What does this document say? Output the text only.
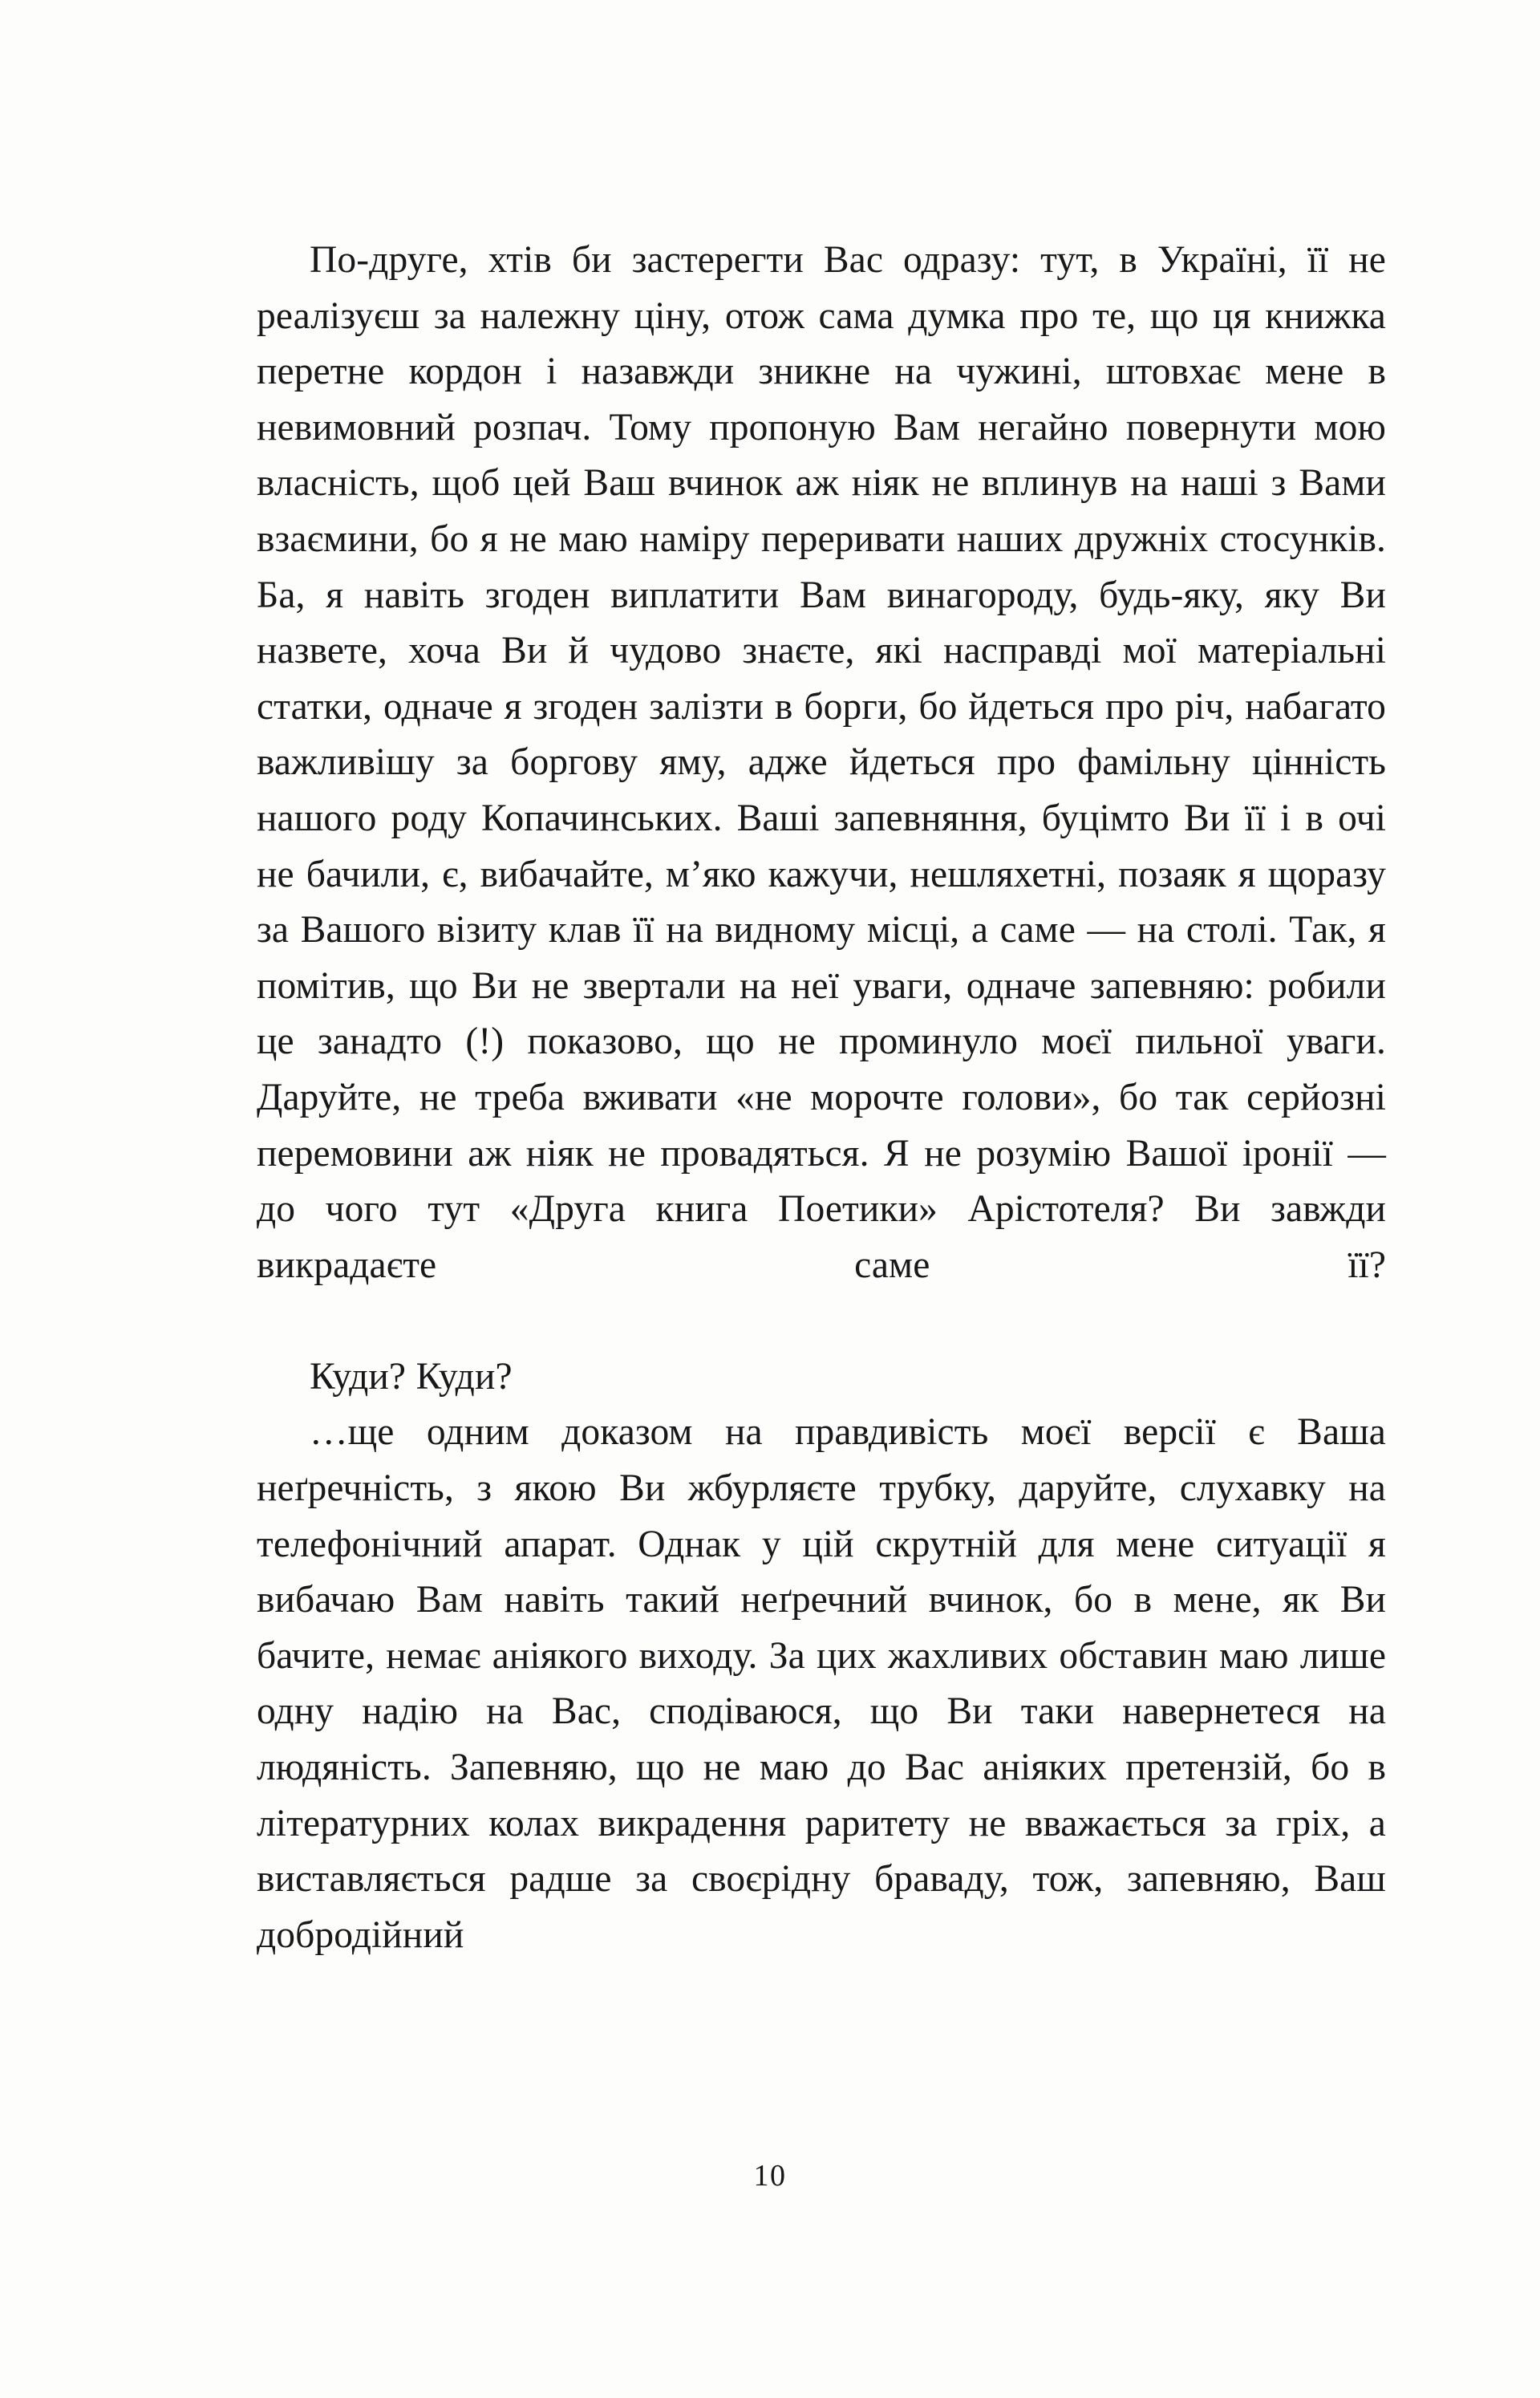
По-друге, хтів би застерегти Вас одразу: тут, в Україні, її не реалізуєш за належну ціну, отож сама думка про те, що ця книжка перетне кордон і назавжди зникне на чужині, штовхає мене в невимовний розпач. Тому пропоную Вам негайно повернути мою власність, щоб цей Ваш вчинок аж ніяк не вплинув на наші з Вами взаємини, бо я не маю наміру переривати наших дружніх стосунків. Ба, я навіть згоден виплатити Вам винагороду, будь-яку, яку Ви назвете, хоча Ви й чудово знаєте, які насправді мої матеріальні статки, одначе я згоден залізти в борги, бо йдеться про річ, набагато важливішу за боргову яму, адже йдеться про фамільну цінність нашого роду Копачинських. Ваші запевняння, буцімто Ви її і в очі не бачили, є, вибачайте, м’яко кажучи, нешляхетні, позаяк я щоразу за Вашого візиту клав її на видному місці, а саме — на столі. Так, я помітив, що Ви не звертали на неї уваги, одначе запевняю: робили це занадто (!) показово, що не проминуло моєї пильної уваги. Даруйте, не треба вживати «не морочте голови», бо так серйозні перемовини аж ніяк не провадяться. Я не розумію Вашої іронії — до чого тут «Друга книга Поетики» Арістотеля? Ви завжди викрадаєте саме її?

Куди? Куди?

…ще одним доказом на правдивість моєї версії є Ваша неґречність, з якою Ви жбурляєте трубку, даруйте, слухавку на телефонічний апарат. Однак у цій скрутній для мене ситуації я вибачаю Вам навіть такий неґречний вчинок, бо в мене, як Ви бачите, немає аніякого виходу. За цих жахливих обставин маю лише одну надію на Вас, сподіваюся, що Ви таки навернетеся на людяність. Запевняю, що не маю до Вас аніяких претензій, бо в літературних колах викрадення раритету не вважається за гріх, а виставляється радше за своєрідну браваду, тож, запевняю, Ваш добродійний

10
